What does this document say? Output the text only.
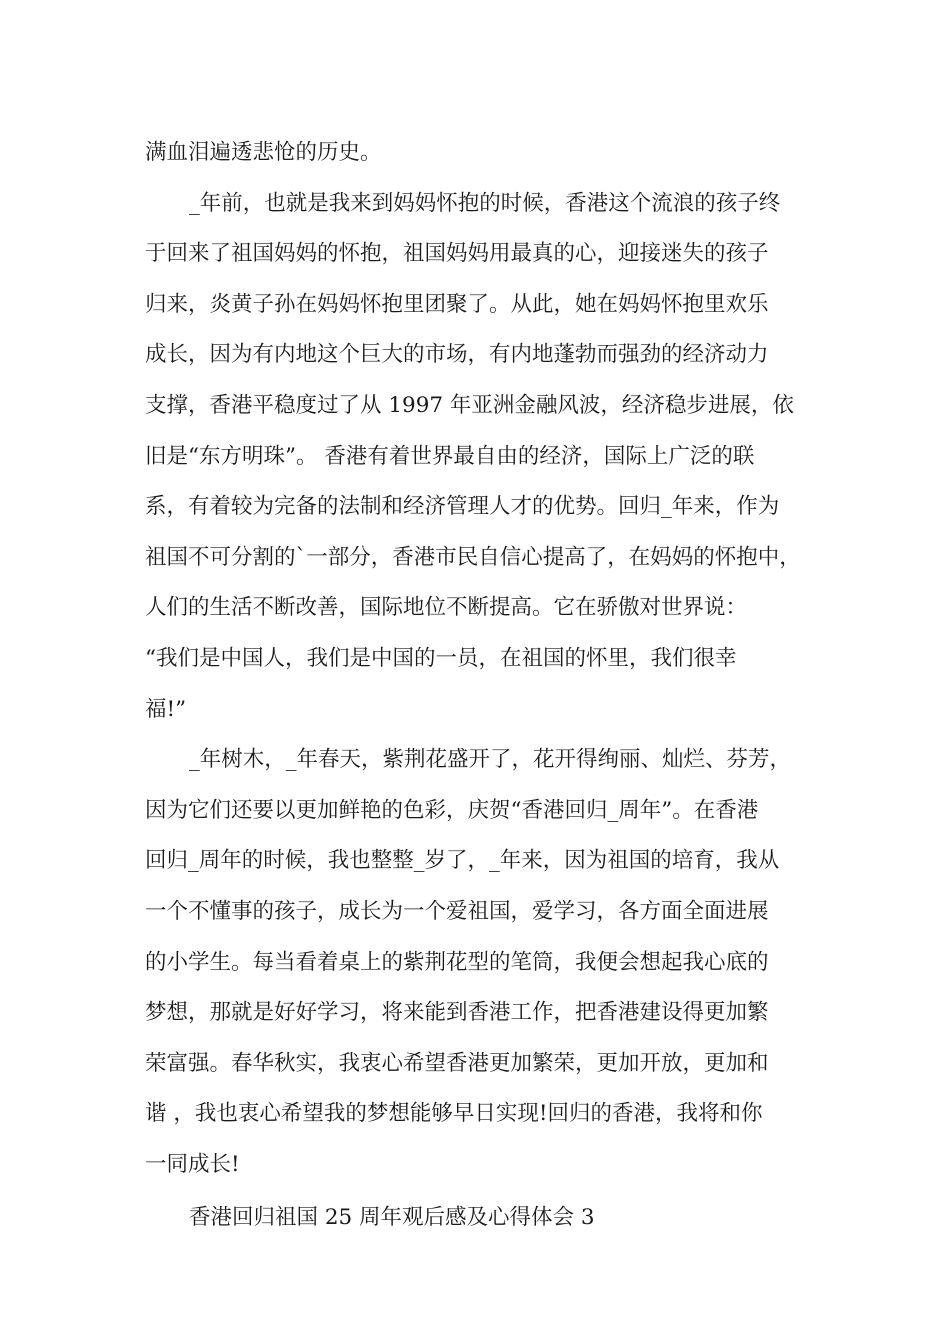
满血泪遍透悲怆的历史。
_年前，也就是我来到妈妈怀抱的时候，香港这个流浪的孩子终
于回来了祖国妈妈的怀抱，祖国妈妈用最真的心，迎接迷失的孩子
归来，炎黄子孙在妈妈怀抱里团聚了。从此，她在妈妈怀抱里欢乐
成长，因为有内地这个巨大的市场，有内地蓬勃而强劲的经济动力
支撑，香港平稳度过了从 1997 年亚洲金融风波，经济稳步进展，依
旧是“东方明珠”。 香港有着世界最自由的经济，国际上广泛的联
系，有着较为完备的法制和经济管理人才的优势。回归_年来，作为
祖国不可分割的`一部分，香港市民自信心提高了，在妈妈的怀抱中，
人们的生活不断改善，国际地位不断提高。它在骄傲对世界说：
“我们是中国人，我们是中国的一员，在祖国的怀里，我们很幸
福!”
_年树木，_年春天，紫荆花盛开了，花开得绚丽、灿烂、芬芳，
因为它们还要以更加鲜艳的色彩，庆贺“香港回归_周年”。在香港
回归_周年的时候，我也整整_岁了，_年来，因为祖国的培育，我从
一个不懂事的孩子，成长为一个爱祖国，爱学习，各方面全面进展
的小学生。每当看着桌上的紫荆花型的笔筒，我便会想起我心底的
梦想，那就是好好学习，将来能到香港工作，把香港建设得更加繁
荣富强。春华秋实，我衷心希望香港更加繁荣，更加开放，更加和
谐 ，我也衷心希望我的梦想能够早日实现!回归的香港，我将和你
一同成长!
香港回归祖国 25 周年观后感及心得体会 3
